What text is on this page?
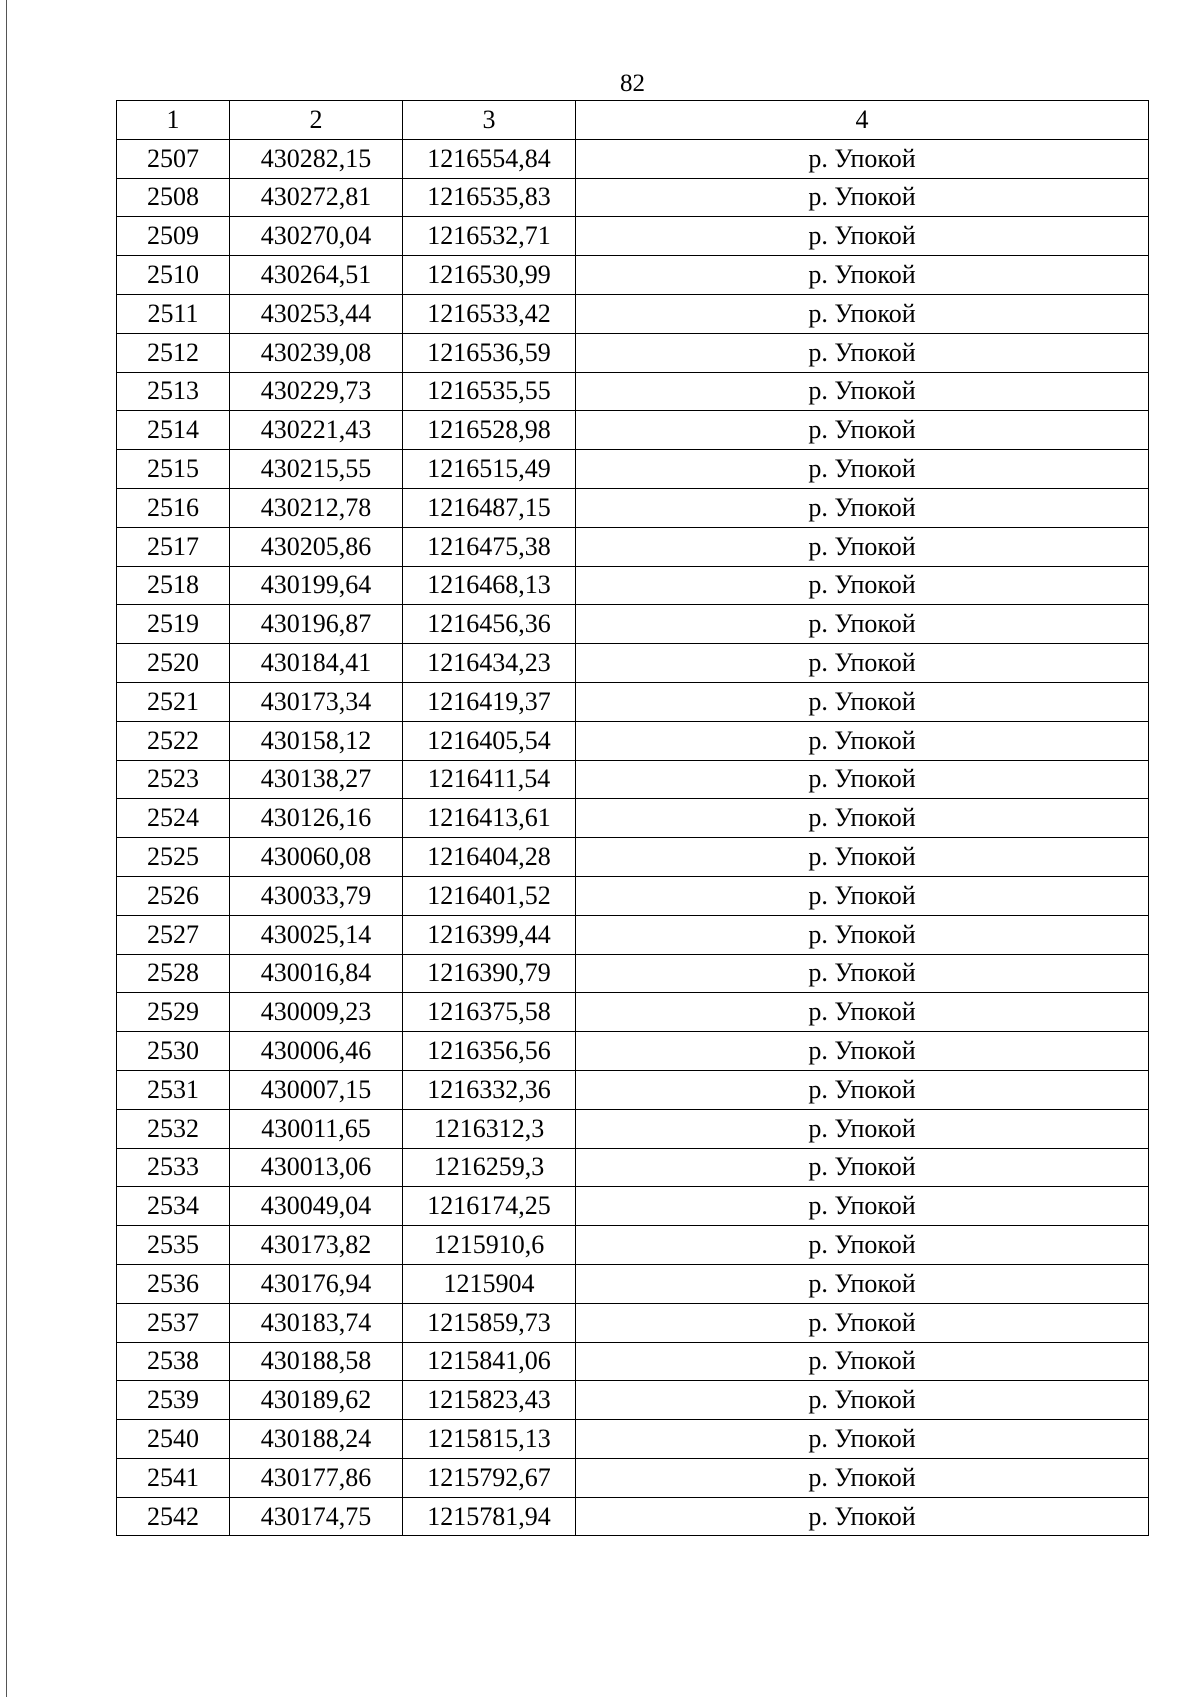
82
1	2	3	4
2507	430282,15	1216554,84	р. Упокой
2508	430272,81	1216535,83	р. Упокой
2509	430270,04	1216532,71	р. Упокой
2510	430264,51	1216530,99	р. Упокой
2511	430253,44	1216533,42	р. Упокой
2512	430239,08	1216536,59	р. Упокой
2513	430229,73	1216535,55	р. Упокой
2514	430221,43	1216528,98	р. Упокой
2515	430215,55	1216515,49	р. Упокой
2516	430212,78	1216487,15	р. Упокой
2517	430205,86	1216475,38	р. Упокой
2518	430199,64	1216468,13	р. Упокой
2519	430196,87	1216456,36	р. Упокой
2520	430184,41	1216434,23	р. Упокой
2521	430173,34	1216419,37	р. Упокой
2522	430158,12	1216405,54	р. Упокой
2523	430138,27	1216411,54	р. Упокой
2524	430126,16	1216413,61	р. Упокой
2525	430060,08	1216404,28	р. Упокой
2526	430033,79	1216401,52	р. Упокой
2527	430025,14	1216399,44	р. Упокой
2528	430016,84	1216390,79	р. Упокой
2529	430009,23	1216375,58	р. Упокой
2530	430006,46	1216356,56	р. Упокой
2531	430007,15	1216332,36	р. Упокой
2532	430011,65	1216312,3	р. Упокой
2533	430013,06	1216259,3	р. Упокой
2534	430049,04	1216174,25	р. Упокой
2535	430173,82	1215910,6	р. Упокой
2536	430176,94	1215904	р. Упокой
2537	430183,74	1215859,73	р. Упокой
2538	430188,58	1215841,06	р. Упокой
2539	430189,62	1215823,43	р. Упокой
2540	430188,24	1215815,13	р. Упокой
2541	430177,86	1215792,67	р. Упокой
2542	430174,75	1215781,94	р. Упокой
